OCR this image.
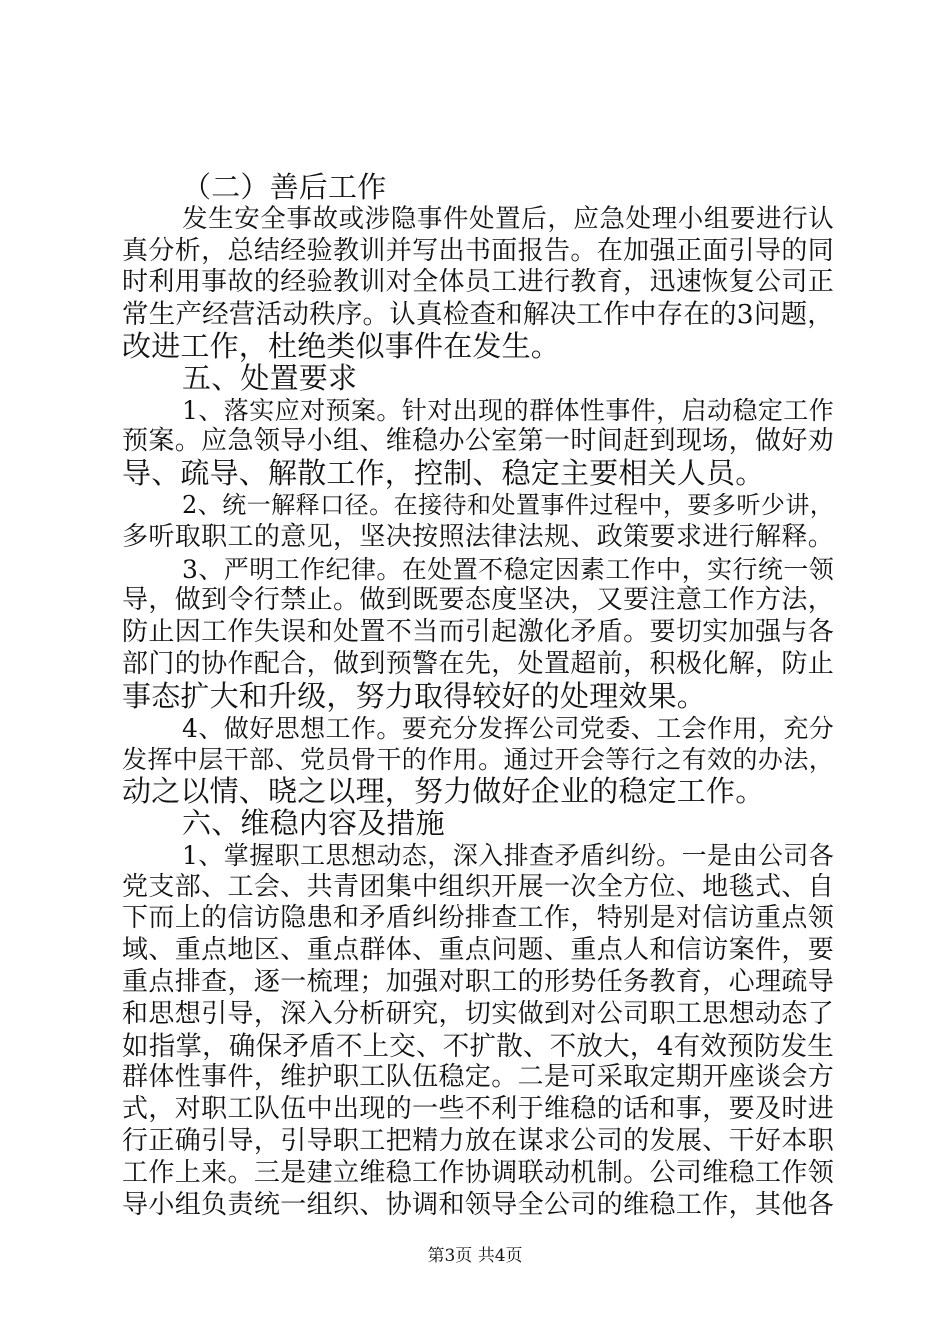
（二）善后工作
发生安全事故或涉隐事件处置后，应急处理小组要进行认
真分析，总结经验教训并写出书面报告。在加强正面引导的同
时利用事故的经验教训对全体员工进行教育，迅速恢复公司正
常生产经营活动秩序。认真检查和解决工作中存在的3问题，
改进工作，杜绝类似事件在发生。
五、处置要求
1、落实应对预案。针对出现的群体性事件，启动稳定工作
预案。应急领导小组、维稳办公室第一时间赶到现场，做好劝
导、疏导、解散工作，控制、稳定主要相关人员。
2、统一解释口径。在接待和处置事件过程中，要多听少讲，
多听取职工的意见，坚决按照法律法规、政策要求进行解释。
3、严明工作纪律。在处置不稳定因素工作中，实行统一领
导，做到令行禁止。做到既要态度坚决，又要注意工作方法，
防止因工作失误和处置不当而引起激化矛盾。要切实加强与各
部门的协作配合，做到预警在先，处置超前，积极化解，防止
事态扩大和升级，努力取得较好的处理效果。
4、做好思想工作。要充分发挥公司党委、工会作用，充分
发挥中层干部、党员骨干的作用。通过开会等行之有效的办法，
动之以情、晓之以理，努力做好企业的稳定工作。
六、维稳内容及措施
1、掌握职工思想动态，深入排查矛盾纠纷。一是由公司各
党支部、工会、共青团集中组织开展一次全方位、地毯式、自
下而上的信访隐患和矛盾纠纷排查工作，特别是对信访重点领
域、重点地区、重点群体、重点问题、重点人和信访案件，要
重点排查，逐一梳理；加强对职工的形势任务教育，心理疏导
和思想引导，深入分析研究，切实做到对公司职工思想动态了
如指掌，确保矛盾不上交、不扩散、不放大，4有效预防发生
群体性事件，维护职工队伍稳定。二是可采取定期开座谈会方
式，对职工队伍中出现的一些不利于维稳的话和事，要及时进
行正确引导，引导职工把精力放在谋求公司的发展、干好本职
工作上来。三是建立维稳工作协调联动机制。公司维稳工作领
导小组负责统一组织、协调和领导全公司的维稳工作，其他各
第3页 共4页
